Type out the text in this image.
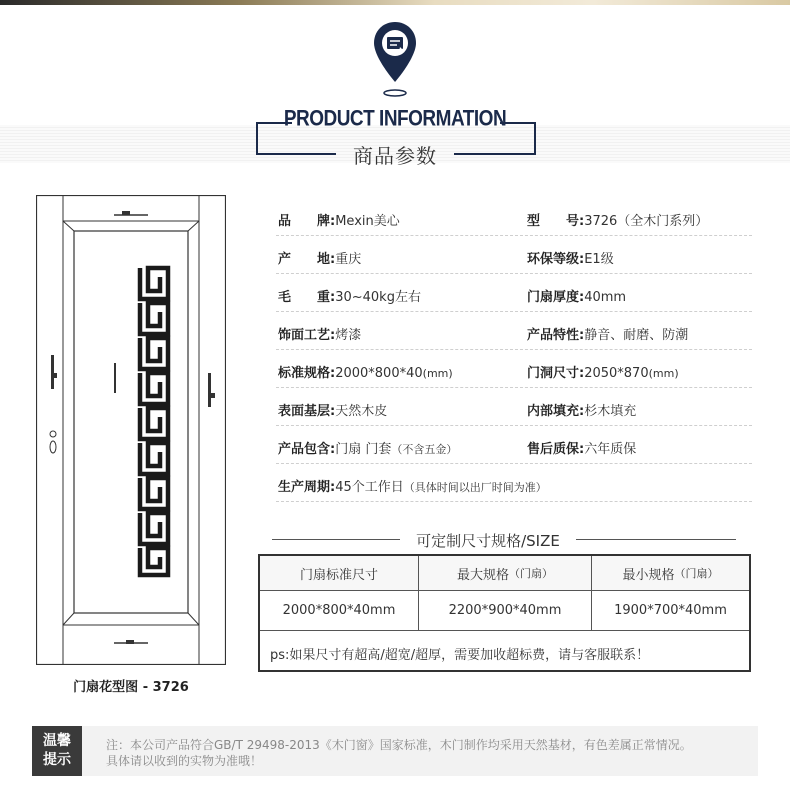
PRODUCT INFORMATION
商品参数
门扇花型图 - 3726
品　　牌:Mexin美心	型　　号:3726（全木门系列）
产　　地:重庆	环保等级:E1级
毛　　重:30~40kg左右	门扇厚度:40mm
饰面工艺:烤漆	产品特性:静音、耐磨、防潮
标准规格:2000*800*40(mm)	门洞尺寸:2050*870(mm)
表面基层:天然木皮	内部填充:杉木填充
产品包含:门扇 门套（不含五金）	售后质保:六年质保
生产周期:45个工作日（具体时间以出厂时间为准）
可定制尺寸规格/SIZE
门扇标准尺寸	最大规格 （门扇）	最小规格 （门扇）
2000*800*40mm	2200*900*40mm	1900*700*40mm
ps:如果尺寸有超高/超宽/超厚，需要加收超标费，请与客服联系！
温馨
提示
注：本公司产品符合GB/T 29498-2013《木门窗》国家标准，木门制作均采用天然基材，有色差属正常情况。
具体请以收到的实物为准哦！
